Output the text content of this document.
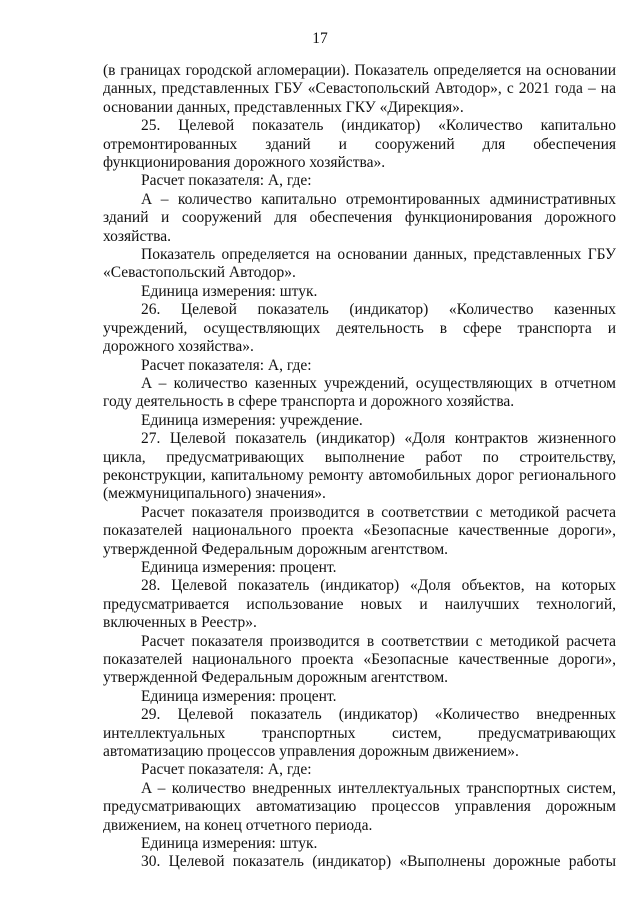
17

(в границах городской агломерации). Показатель определяется на основании данных, представленных ГБУ «Севастопольский Автодор», с 2021 года – на основании данных, представленных ГКУ «Дирекция».

25. Целевой показатель (индикатор) «Количество капитально отремонтированных зданий и сооружений для обеспечения функционирования дорожного хозяйства».

Расчет показателя: A, где:

A – количество капитально отремонтированных административных зданий и сооружений для обеспечения функционирования дорожного хозяйства.

Показатель определяется на основании данных, представленных ГБУ «Севастопольский Автодор».

Единица измерения: штук.

26. Целевой показатель (индикатор) «Количество казенных учреждений, осуществляющих деятельность в сфере транспорта и дорожного хозяйства».

Расчет показателя: A, где:

A – количество казенных учреждений, осуществляющих в отчетном году деятельность в сфере транспорта и дорожного хозяйства.

Единица измерения: учреждение.

27. Целевой показатель (индикатор) «Доля контрактов жизненного цикла, предусматривающих выполнение работ по строительству, реконструкции, капитальному ремонту автомобильных дорог регионального (межмуниципального) значения».

Расчет показателя производится в соответствии с методикой расчета показателей национального проекта «Безопасные качественные дороги», утвержденной Федеральным дорожным агентством.

Единица измерения: процент.

28. Целевой показатель (индикатор) «Доля объектов, на которых предусматривается использование новых и наилучших технологий, включенных в Реестр».

Расчет показателя производится в соответствии с методикой расчета показателей национального проекта «Безопасные качественные дороги», утвержденной Федеральным дорожным агентством.

Единица измерения: процент.

29. Целевой показатель (индикатор) «Количество внедренных интеллектуальных транспортных систем, предусматривающих автоматизацию процессов управления дорожным движением».

Расчет показателя: A, где:

A – количество внедренных интеллектуальных транспортных систем, предусматривающих автоматизацию процессов управления дорожным движением, на конец отчетного периода.

Единица измерения: штук.

30. Целевой показатель (индикатор) «Выполнены дорожные работы
